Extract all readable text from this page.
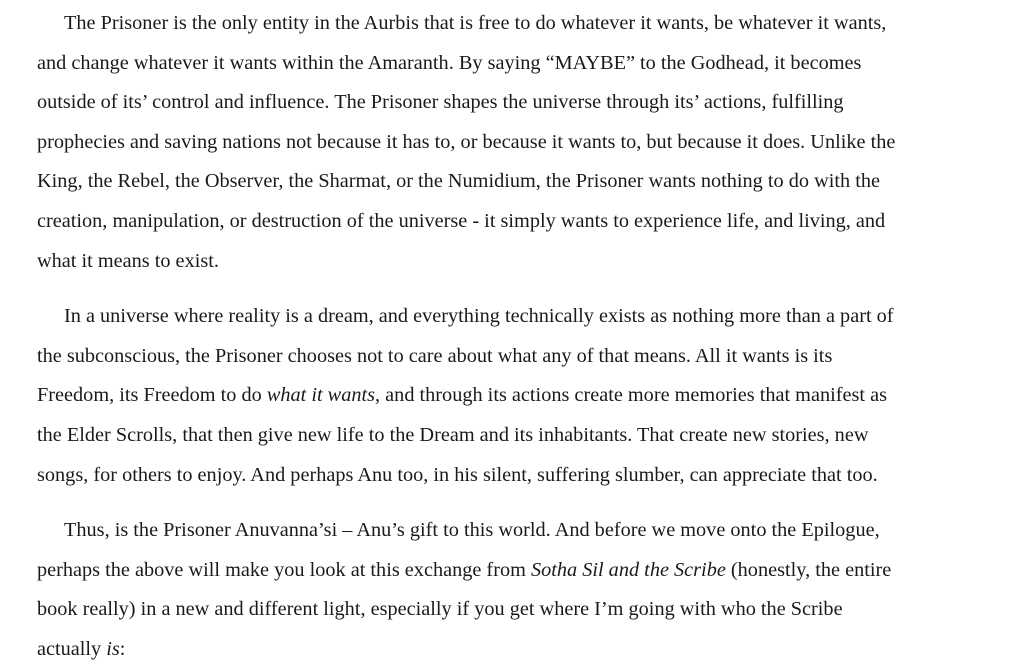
The Prisoner is the only entity in the Aurbis that is free to do whatever it wants, be whatever it wants,
and change whatever it wants within the Amaranth. By saying “MAYBE” to the Godhead, it becomes
outside of its’ control and influence. The Prisoner shapes the universe through its’ actions, fulfilling
prophecies and saving nations not because it has to, or because it wants to, but because it does. Unlike the
King, the Rebel, the Observer, the Sharmat, or the Numidium, the Prisoner wants nothing to do with the
creation, manipulation, or destruction of the universe - it simply wants to experience life, and living, and
what it means to exist.

In a universe where reality is a dream, and everything technically exists as nothing more than a part of
the subconscious, the Prisoner chooses not to care about what any of that means. All it wants is its
Freedom, its Freedom to do what it wants, and through its actions create more memories that manifest as
the Elder Scrolls, that then give new life to the Dream and its inhabitants. That create new stories, new
songs, for others to enjoy. And perhaps Anu too, in his silent, suffering slumber, can appreciate that too.

Thus, is the Prisoner Anuvanna’si – Anu’s gift to this world. And before we move onto the Epilogue,
perhaps the above will make you look at this exchange from Sotha Sil and the Scribe (honestly, the entire
book really) in a new and different light, especially if you get where I’m going with who the Scribe
actually is:
